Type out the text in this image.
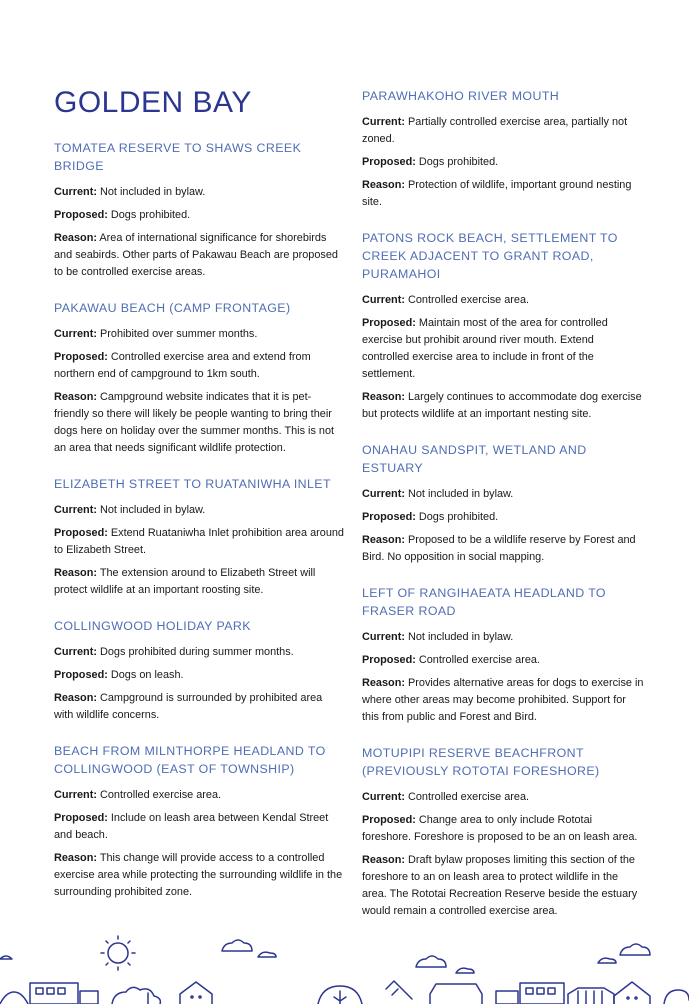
GOLDEN BAY
TOMATEA RESERVE TO SHAWS CREEK BRIDGE

Current: Not included in bylaw.

Proposed: Dogs prohibited.

Reason: Area of international significance for shorebirds and seabirds. Other parts of Pakawau Beach are proposed to be controlled exercise areas.

PAKAWAU BEACH (CAMP FRONTAGE)

Current: Prohibited over summer months.

Proposed: Controlled exercise area and extend from northern end of campground to 1km south.

Reason: Campground website indicates that it is pet-friendly so there will likely be people wanting to bring their dogs here on holiday over the summer months. This is not an area that needs significant wildlife protection.

ELIZABETH STREET TO RUATANIWHA INLET

Current: Not included in bylaw.

Proposed: Extend Ruataniwha Inlet prohibition area around to Elizabeth Street.

Reason: The extension around to Elizabeth Street will protect wildlife at an important roosting site.

COLLINGWOOD HOLIDAY PARK

Current: Dogs prohibited during summer months.

Proposed: Dogs on leash.

Reason: Campground is surrounded by prohibited area with wildlife concerns.

BEACH FROM MILNTHORPE HEADLAND TO COLLINGWOOD (EAST OF TOWNSHIP)

Current: Controlled exercise area.

Proposed: Include on leash area between Kendal Street and beach.

Reason: This change will provide access to a controlled exercise area while protecting the surrounding wildlife in the surrounding prohibited zone.

PARAWHAKOHO RIVER MOUTH

Current: Partially controlled exercise area, partially not zoned.

Proposed: Dogs prohibited.

Reason: Protection of wildlife, important ground nesting site.

PATONS ROCK BEACH, SETTLEMENT TO CREEK ADJACENT TO GRANT ROAD, PURAMAHOI

Current: Controlled exercise area.

Proposed: Maintain most of the area for controlled exercise but prohibit around river mouth. Extend controlled exercise area to include in front of the settlement.

Reason: Largely continues to accommodate dog exercise but protects wildlife at an important nesting site.

ONAHAU SANDSPIT, WETLAND AND ESTUARY

Current: Not included in bylaw.

Proposed: Dogs prohibited.

Reason: Proposed to be a wildlife reserve by Forest and Bird. No opposition in social mapping.

LEFT OF RANGIHAEATA HEADLAND TO FRASER ROAD

Current: Not included in bylaw.

Proposed: Controlled exercise area.

Reason: Provides alternative areas for dogs to exercise in where other areas may become prohibited. Support for this from public and Forest and Bird.

MOTUPIPI RESERVE BEACHFRONT (PREVIOUSLY ROTOTAI FORESHORE)

Current: Controlled exercise area.

Proposed: Change area to only include Rototai foreshore. Foreshore is proposed to be an on leash area.

Reason: Draft bylaw proposes limiting this section of the foreshore to an on leash area to protect wildlife in the area. The Rototai Recreation Reserve beside the estuary would remain a controlled exercise area.
